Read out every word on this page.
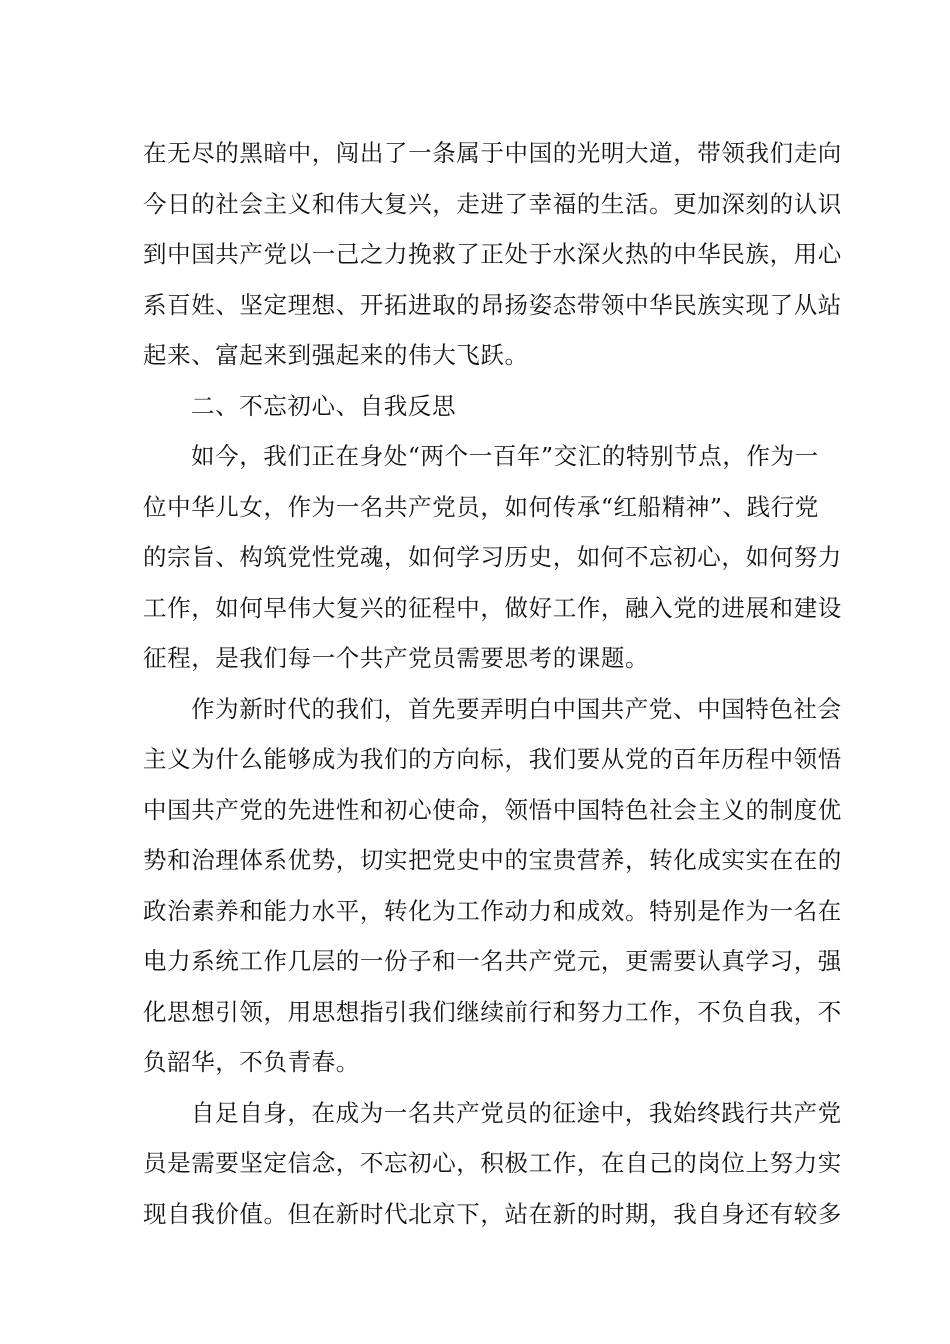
在无尽的黑暗中，闯出了一条属于中国的光明大道，带领我们走向
今日的社会主义和伟大复兴，走进了幸福的生活。更加深刻的认识
到中国共产党以一己之力挽救了正处于水深火热的中华民族，用心
系百姓、坚定理想、开拓进取的昂扬姿态带领中华民族实现了从站
起来、富起来到强起来的伟大飞跃。
二、不忘初心、自我反思
如今，我们正在身处“两个一百年”交汇的特别节点，作为一
位中华儿女，作为一名共产党员，如何传承“红船精神”、践行党
的宗旨、构筑党性党魂，如何学习历史，如何不忘初心，如何努力
工作，如何早伟大复兴的征程中，做好工作，融入党的进展和建设
征程，是我们每一个共产党员需要思考的课题。
作为新时代的我们，首先要弄明白中国共产党、中国特色社会
主义为什么能够成为我们的方向标，我们要从党的百年历程中领悟
中国共产党的先进性和初心使命，领悟中国特色社会主义的制度优
势和治理体系优势，切实把党史中的宝贵营养，转化成实实在在的
政治素养和能力水平，转化为工作动力和成效。特别是作为一名在
电力系统工作几层的一份子和一名共产党元，更需要认真学习，强
化思想引领，用思想指引我们继续前行和努力工作，不负自我，不
负韶华，不负青春。
自足自身，在成为一名共产党员的征途中，我始终践行共产党
员是需要坚定信念，不忘初心，积极工作，在自己的岗位上努力实
现自我价值。但在新时代北京下，站在新的时期，我自身还有较多
